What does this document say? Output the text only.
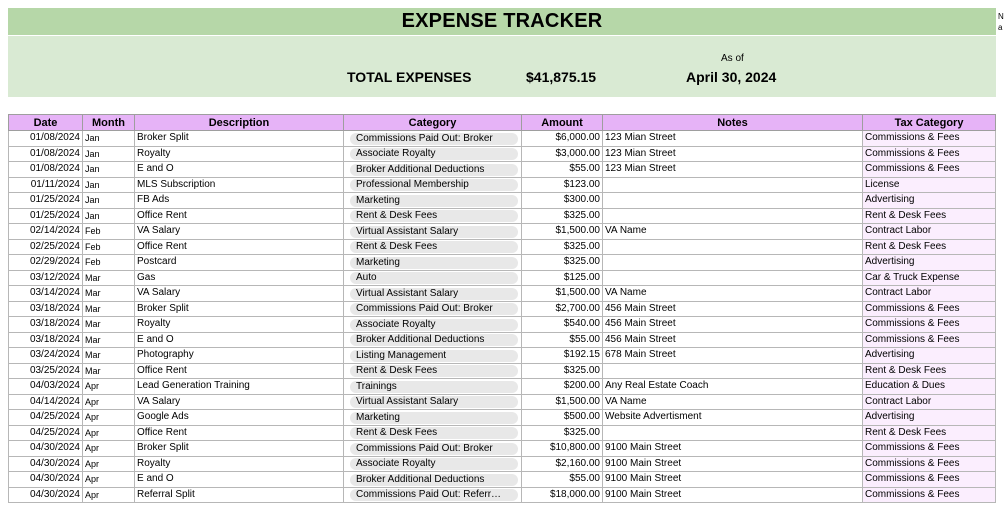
EXPENSE TRACKER
TOTAL EXPENSES	$41,875.15
As of
April 30, 2024
N a
Date	Month	Description	Category	Amount	Notes	Tax Category
01/08/2024	Jan	Broker Split	Commissions Paid Out: Broker	$6,000.00	123 Mian Street	Commissions & Fees
01/08/2024	Jan	Royalty	Associate Royalty	$3,000.00	123 Mian Street	Commissions & Fees
01/08/2024	Jan	E and O	Broker Additional Deductions	$55.00	123 Mian Street	Commissions & Fees
01/11/2024	Jan	MLS Subscription	Professional Membership	$123.00		License
01/25/2024	Jan	FB Ads	Marketing	$300.00		Advertising
01/25/2024	Jan	Office Rent	Rent & Desk Fees	$325.00		Rent & Desk Fees
02/14/2024	Feb	VA Salary	Virtual Assistant Salary	$1,500.00	VA Name	Contract Labor
02/25/2024	Feb	Office Rent	Rent & Desk Fees	$325.00		Rent & Desk Fees
02/29/2024	Feb	Postcard	Marketing	$325.00		Advertising
03/12/2024	Mar	Gas	Auto	$125.00		Car & Truck Expense
03/14/2024	Mar	VA Salary	Virtual Assistant Salary	$1,500.00	VA Name	Contract Labor
03/18/2024	Mar	Broker Split	Commissions Paid Out: Broker	$2,700.00	456 Main Street	Commissions & Fees
03/18/2024	Mar	Royalty	Associate Royalty	$540.00	456 Main Street	Commissions & Fees
03/18/2024	Mar	E and O	Broker Additional Deductions	$55.00	456 Main Street	Commissions & Fees
03/24/2024	Mar	Photography	Listing Management	$192.15	678 Main Street	Advertising
03/25/2024	Mar	Office Rent	Rent & Desk Fees	$325.00		Rent & Desk Fees
04/03/2024	Apr	Lead Generation Training	Trainings	$200.00	Any Real Estate Coach	Education & Dues
04/14/2024	Apr	VA Salary	Virtual Assistant Salary	$1,500.00	VA Name	Contract Labor
04/25/2024	Apr	Google Ads	Marketing	$500.00	Website Advertisment	Advertising
04/25/2024	Apr	Office Rent	Rent & Desk Fees	$325.00		Rent & Desk Fees
04/30/2024	Apr	Broker Split	Commissions Paid Out: Broker	$10,800.00	9100 Main Street	Commissions & Fees
04/30/2024	Apr	Royalty	Associate Royalty	$2,160.00	9100 Main Street	Commissions & Fees
04/30/2024	Apr	E and O	Broker Additional Deductions	$55.00	9100 Main Street	Commissions & Fees
04/30/2024	Apr	Referral Split	Commissions Paid Out: Referr…	$18,000.00	9100 Main Street	Commissions & Fees
